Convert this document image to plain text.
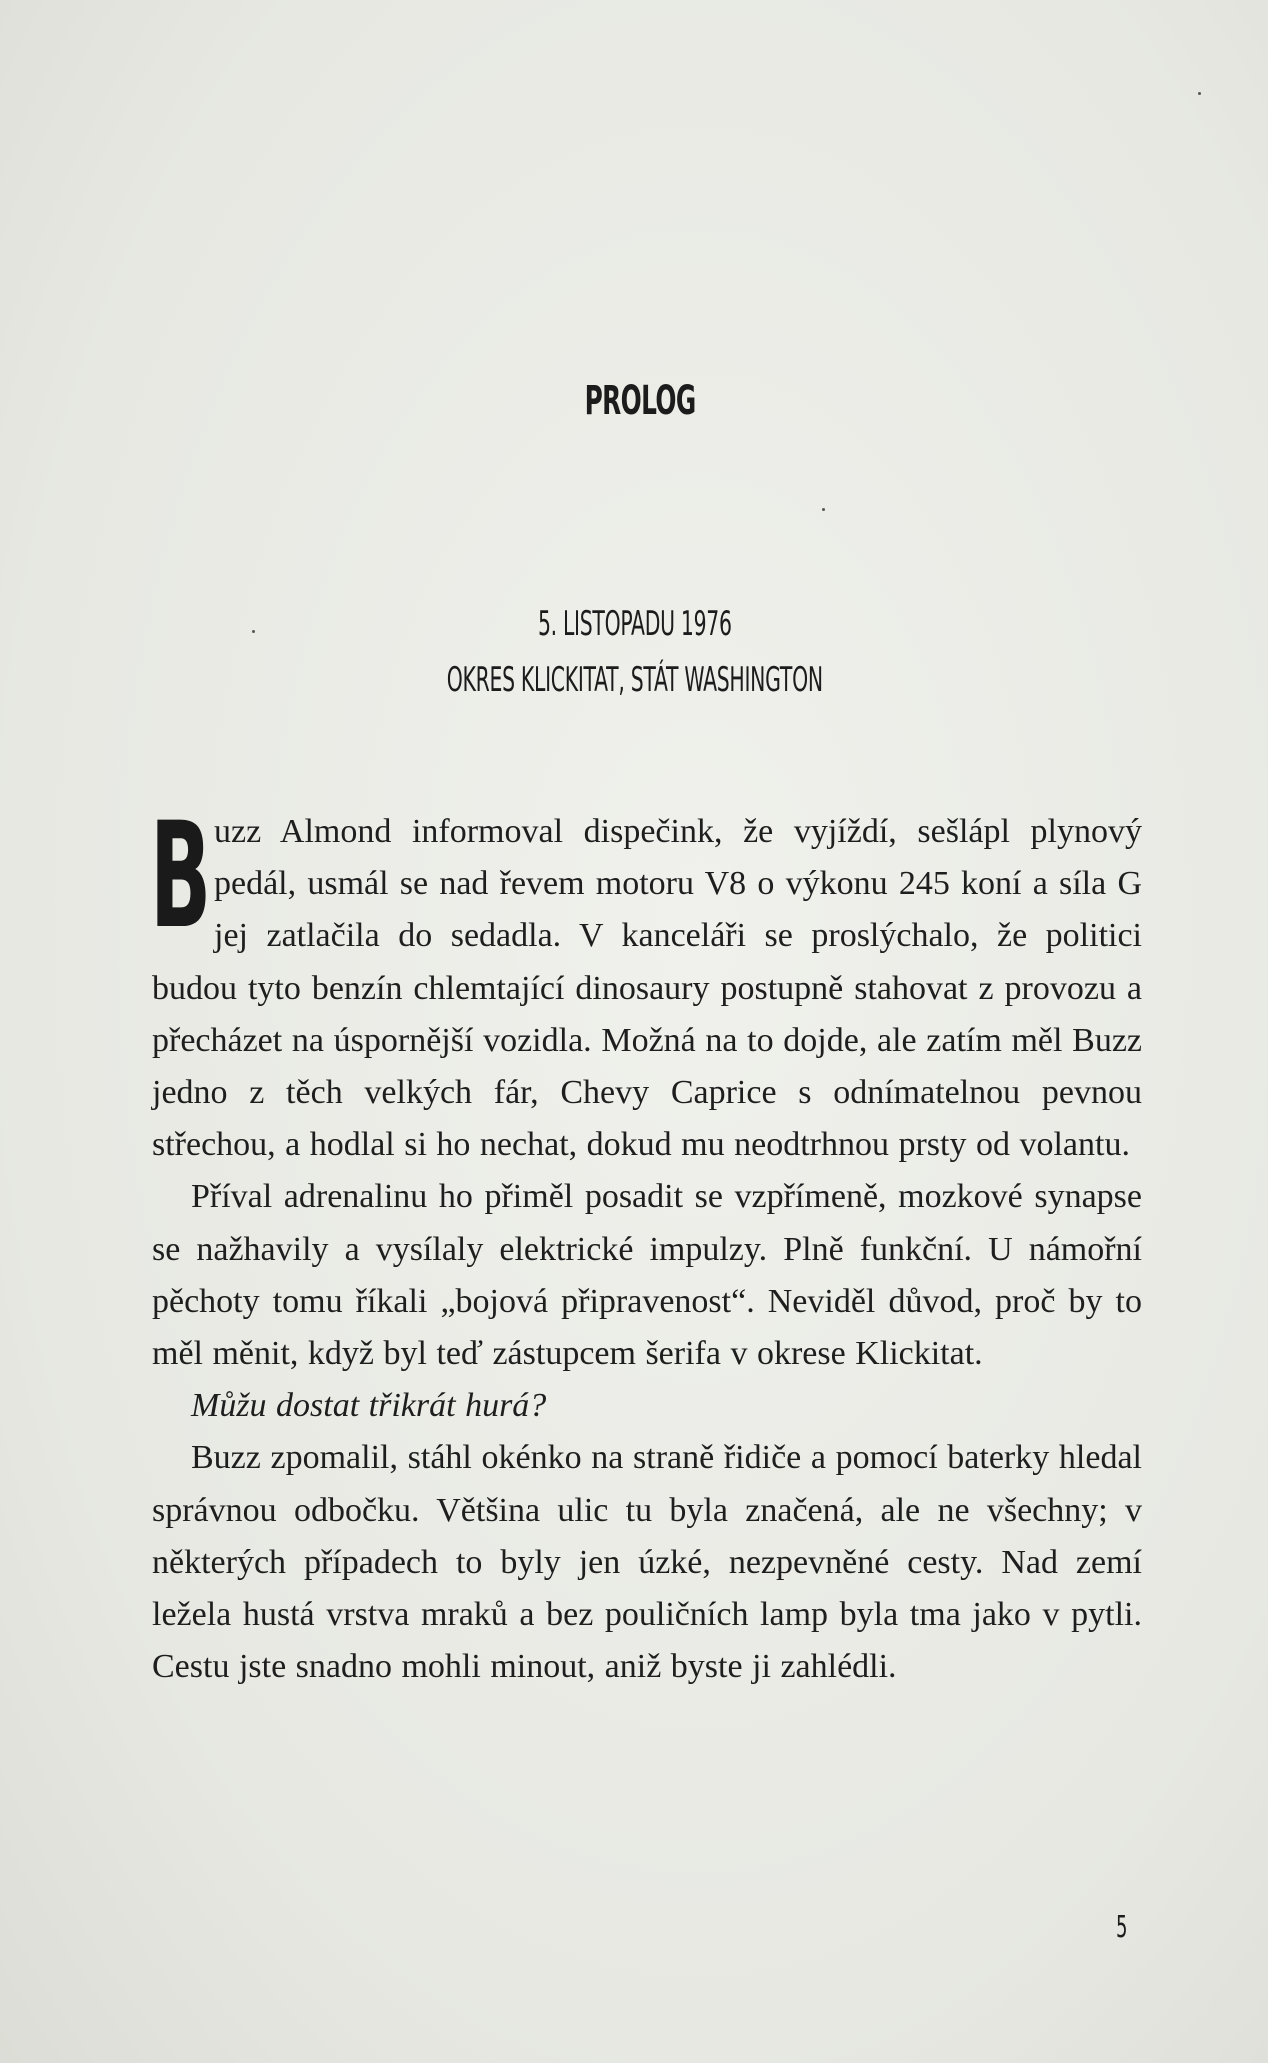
PROLOG
5. LISTOPADU 1976
OKRES KLICKITAT, STÁT WASHINGTON

Buzz Almond informoval dispečink, že vyjíždí, sešlápl plynový pedál, usmál se nad řevem motoru V8 o výkonu 245 koní a síla G jej zatlačila do sedadla. V kanceláři se proslýchalo, že politici budou tyto benzín chlemtající dinosaury postupně stahovat z provozu a přecházet na úspornější vozidla. Možná na to dojde, ale zatím měl Buzz jedno z těch velkých fár, Chevy Caprice s odnímatelnou pevnou střechou, a hodlal si ho nechat, dokud mu neodtrhnou prsty od volantu.

Příval adrenalinu ho přiměl posadit se vzpřímeně, mozkové synapse se nažhavily a vysílaly elektrické impulzy. Plně funkční. U námořní pěchoty tomu říkali „bojová připravenost“. Neviděl důvod, proč by to měl měnit, když byl teď zástupcem šerifa v okrese Klickitat.

Můžu dostat třikrát hurá?

Buzz zpomalil, stáhl okénko na straně řidiče a pomocí baterky hledal správnou odbočku. Většina ulic tu byla značená, ale ne všechny; v některých případech to byly jen úzké, nezpevněné cesty. Nad zemí ležela hustá vrstva mraků a bez pouličních lamp byla tma jako v pytli. Cestu jste snadno mohli minout, aniž byste ji zahlédli.

5
